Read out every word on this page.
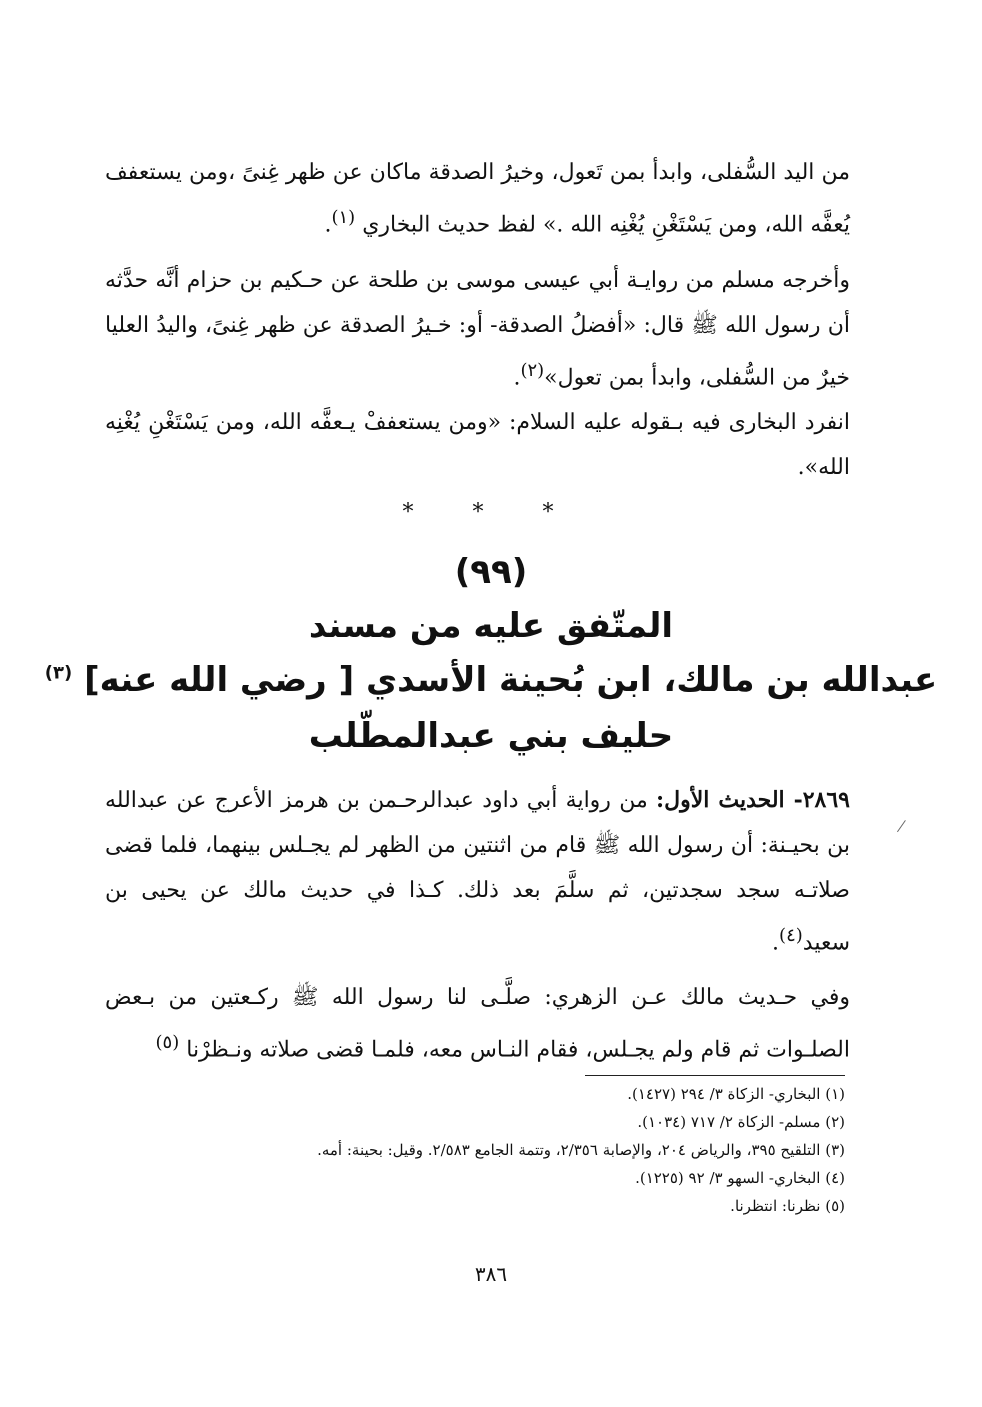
من اليد السُّفلى، وابدأ بمن تَعول، وخيرُ الصدقة ماكان عن ظهر غِنىً ،ومن يستعفف يُعفَّه الله، ومن يَسْتَغْنِ يُغْنِه الله .» لفظ حديث البخاري $^{(١)}$.
وأخرجه مسلم من روايـة أبي عيسى موسى بن طلحة عن حـكيم بن حزام أنَّه حدَّثه أن رسول الله ﷺ قال: «أفضلُ الصدقة- أو: خـيرُ الصدقة عن ظهر غِنىً، واليدُ العليا خيرٌ من السُّفلى، وابدأ بمن تعول»$^{(٢)}$.
انفرد البخارى فيه بـقوله عليه السلام: «ومن يستعففْ يـعفَّه الله، ومن يَسْتَغْنِ يُغْنِه الله».
* * *
(٩٩)
المتّفق عليه من مسند
عبدالله بن مالك، ابن بُحينة الأسدي [ رضي الله عنه] $^{(٣)}$
حليف بني عبدالمطّلب
٢٨٦٩- الحديث الأول: من رواية أبي داود عبدالرحـمن بن هرمز الأعرج عن عبدالله بن بحيـنة: أن رسول الله ﷺ قام من اثنتين من الظهر لم يجـلس بينهما، فلما قضى صلاتـه سجد سجدتين، ثم سلَّمَ بعد ذلك. كـذا في حديث مالك عن يحيى بن سعيد$^{(٤)}$.
وفي حـديث مالك عـن الزهري: صلَّـى لنا رسول الله ﷺ ركـعتين من بـعض الصلـوات ثم قام ولم يجـلس، فقام النـاس معه، فلمـا قضى صلاته ونـظرْنا $^{(٥)}$
(١) البخاري- الزكاة ٣/ ٢٩٤ (١٤٢٧).
(٢) مسلم- الزكاة ٢/ ٧١٧ (١٠٣٤).
(٣) التلقيح ٣٩٥، والرياض ٢٠٤، والإصابة ٢/٣٥٦، وتتمة الجامع ٢/٥٨٣. وقيل: بحينة: أمه.
(٤) البخاري- السهو ٣/ ٩٢ (١٢٢٥).
(٥) نظرنا: انتظرنا.
٣٨٦
